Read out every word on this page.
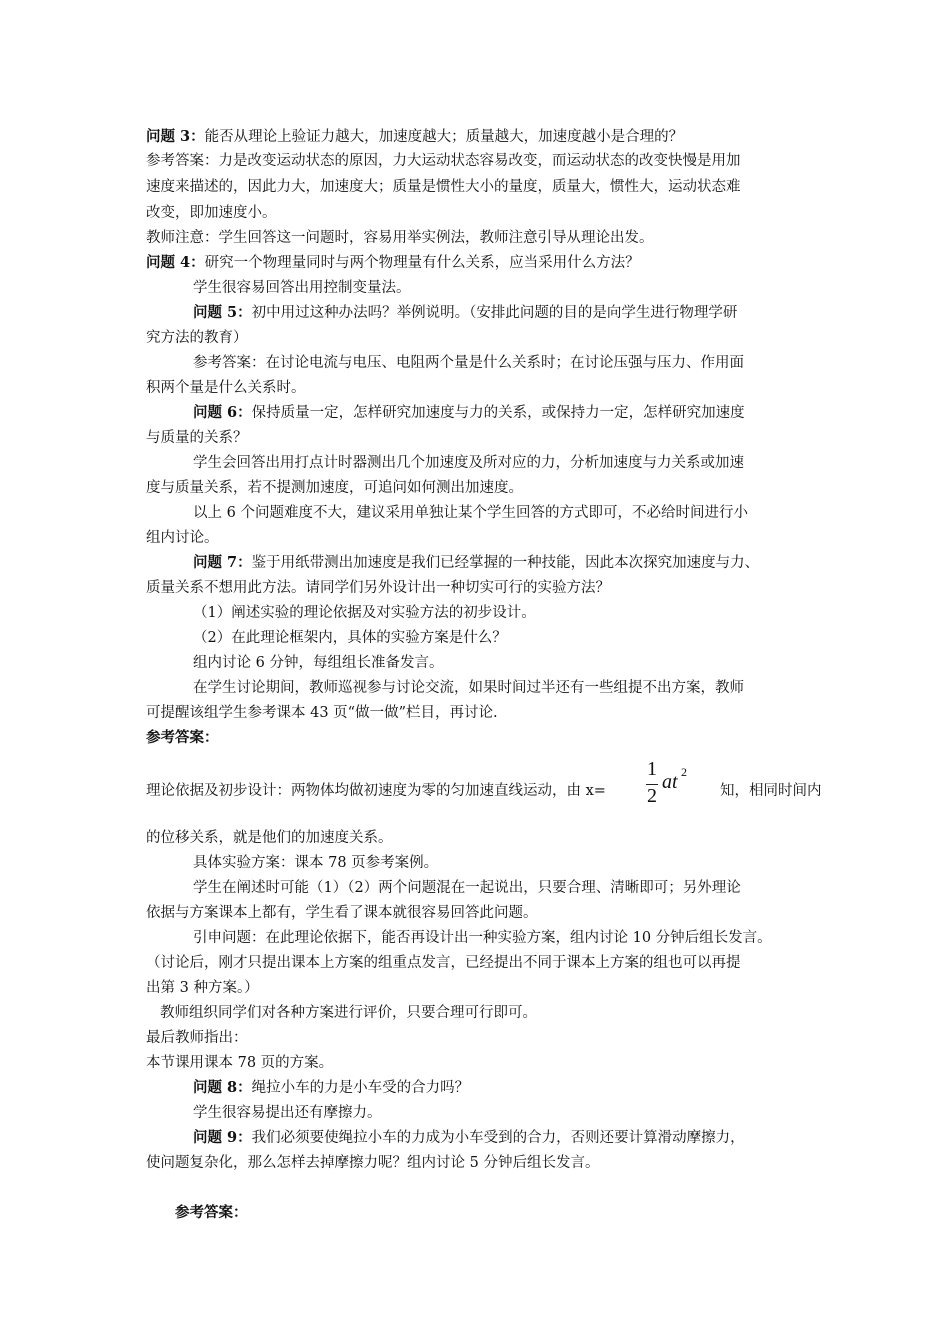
问题 3：能否从理论上验证力越大，加速度越大；质量越大，加速度越小是合理的？
参考答案：力是改变运动状态的原因，力大运动状态容易改变，而运动状态的改变快慢是用加
速度来描述的，因此力大，加速度大；质量是惯性大小的量度，质量大，惯性大，运动状态难
改变，即加速度小。
教师注意：学生回答这一问题时，容易用举实例法，教师注意引导从理论出发。
问题 4：研究一个物理量同时与两个物理量有什么关系，应当采用什么方法？
学生很容易回答出用控制变量法。
问题 5：初中用过这种办法吗？举例说明。（安排此问题的目的是向学生进行物理学研
究方法的教育）
参考答案：在讨论电流与电压、电阻两个量是什么关系时；在讨论压强与压力、作用面
积两个量是什么关系时。
问题 6：保持质量一定，怎样研究加速度与力的关系，或保持力一定，怎样研究加速度
与质量的关系？
学生会回答出用打点计时器测出几个加速度及所对应的力，分析加速度与力关系或加速
度与质量关系，若不提测加速度，可追问如何测出加速度。
以上 6 个问题难度不大，建议采用单独让某个学生回答的方式即可，不必给时间进行小
组内讨论。
问题 7：鉴于用纸带测出加速度是我们已经掌握的一种技能，因此本次探究加速度与力、
质量关系不想用此方法。请同学们另外设计出一种切实可行的实验方法？
（1）阐述实验的理论依据及对实验方法的初步设计。
（2）在此理论框架内，具体的实验方案是什么？
组内讨论 6 分钟，每组组长准备发言。
在学生讨论期间，教师巡视参与讨论交流，如果时间过半还有一些组提不出方案，教师
可提醒该组学生参考课本 43 页“做一做”栏目，再讨论.
参考答案：
理论依据及初步设计：两物体均做初速度为零的匀加速直线运动，由 x=
1
2
at 2
知，相同时间内
的位移关系，就是他们的加速度关系。
具体实验方案：课本 78 页参考案例。
学生在阐述时可能（1）（2）两个问题混在一起说出，只要合理、清晰即可；另外理论
依据与方案课本上都有，学生看了课本就很容易回答此问题。
引申问题：在此理论依据下，能否再设计出一种实验方案，组内讨论 10 分钟后组长发言。
（讨论后，刚才只提出课本上方案的组重点发言，已经提出不同于课本上方案的组也可以再提
出第 3 种方案。）
教师组织同学们对各种方案进行评价，只要合理可行即可。
最后教师指出：
本节课用课本 78 页的方案。
问题 8：绳拉小车的力是小车受的合力吗？
学生很容易提出还有摩擦力。
问题 9：我们必须要使绳拉小车的力成为小车受到的合力，否则还要计算滑动摩擦力，
使问题复杂化，那么怎样去掉摩擦力呢？组内讨论 5 分钟后组长发言。
参考答案：
